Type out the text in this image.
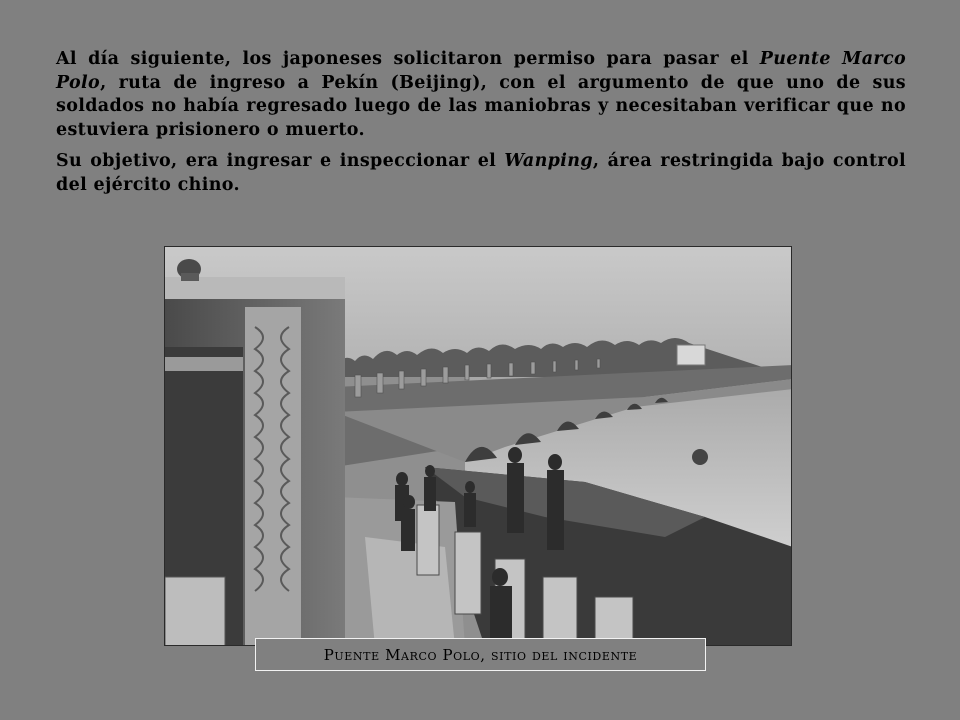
Al día siguiente, los japoneses solicitaron permiso para pasar el Puente Marco Polo, ruta de ingreso a Pekín (Beijing), con el argumento de que uno de sus soldados no había regresado luego de las maniobras y necesitaban verificar que no estuviera prisionero o muerto.

Su objetivo, era ingresar e inspeccionar el Wanping, área restringida bajo control del ejército chino.

Puente Marco Polo, sitio del incidente
